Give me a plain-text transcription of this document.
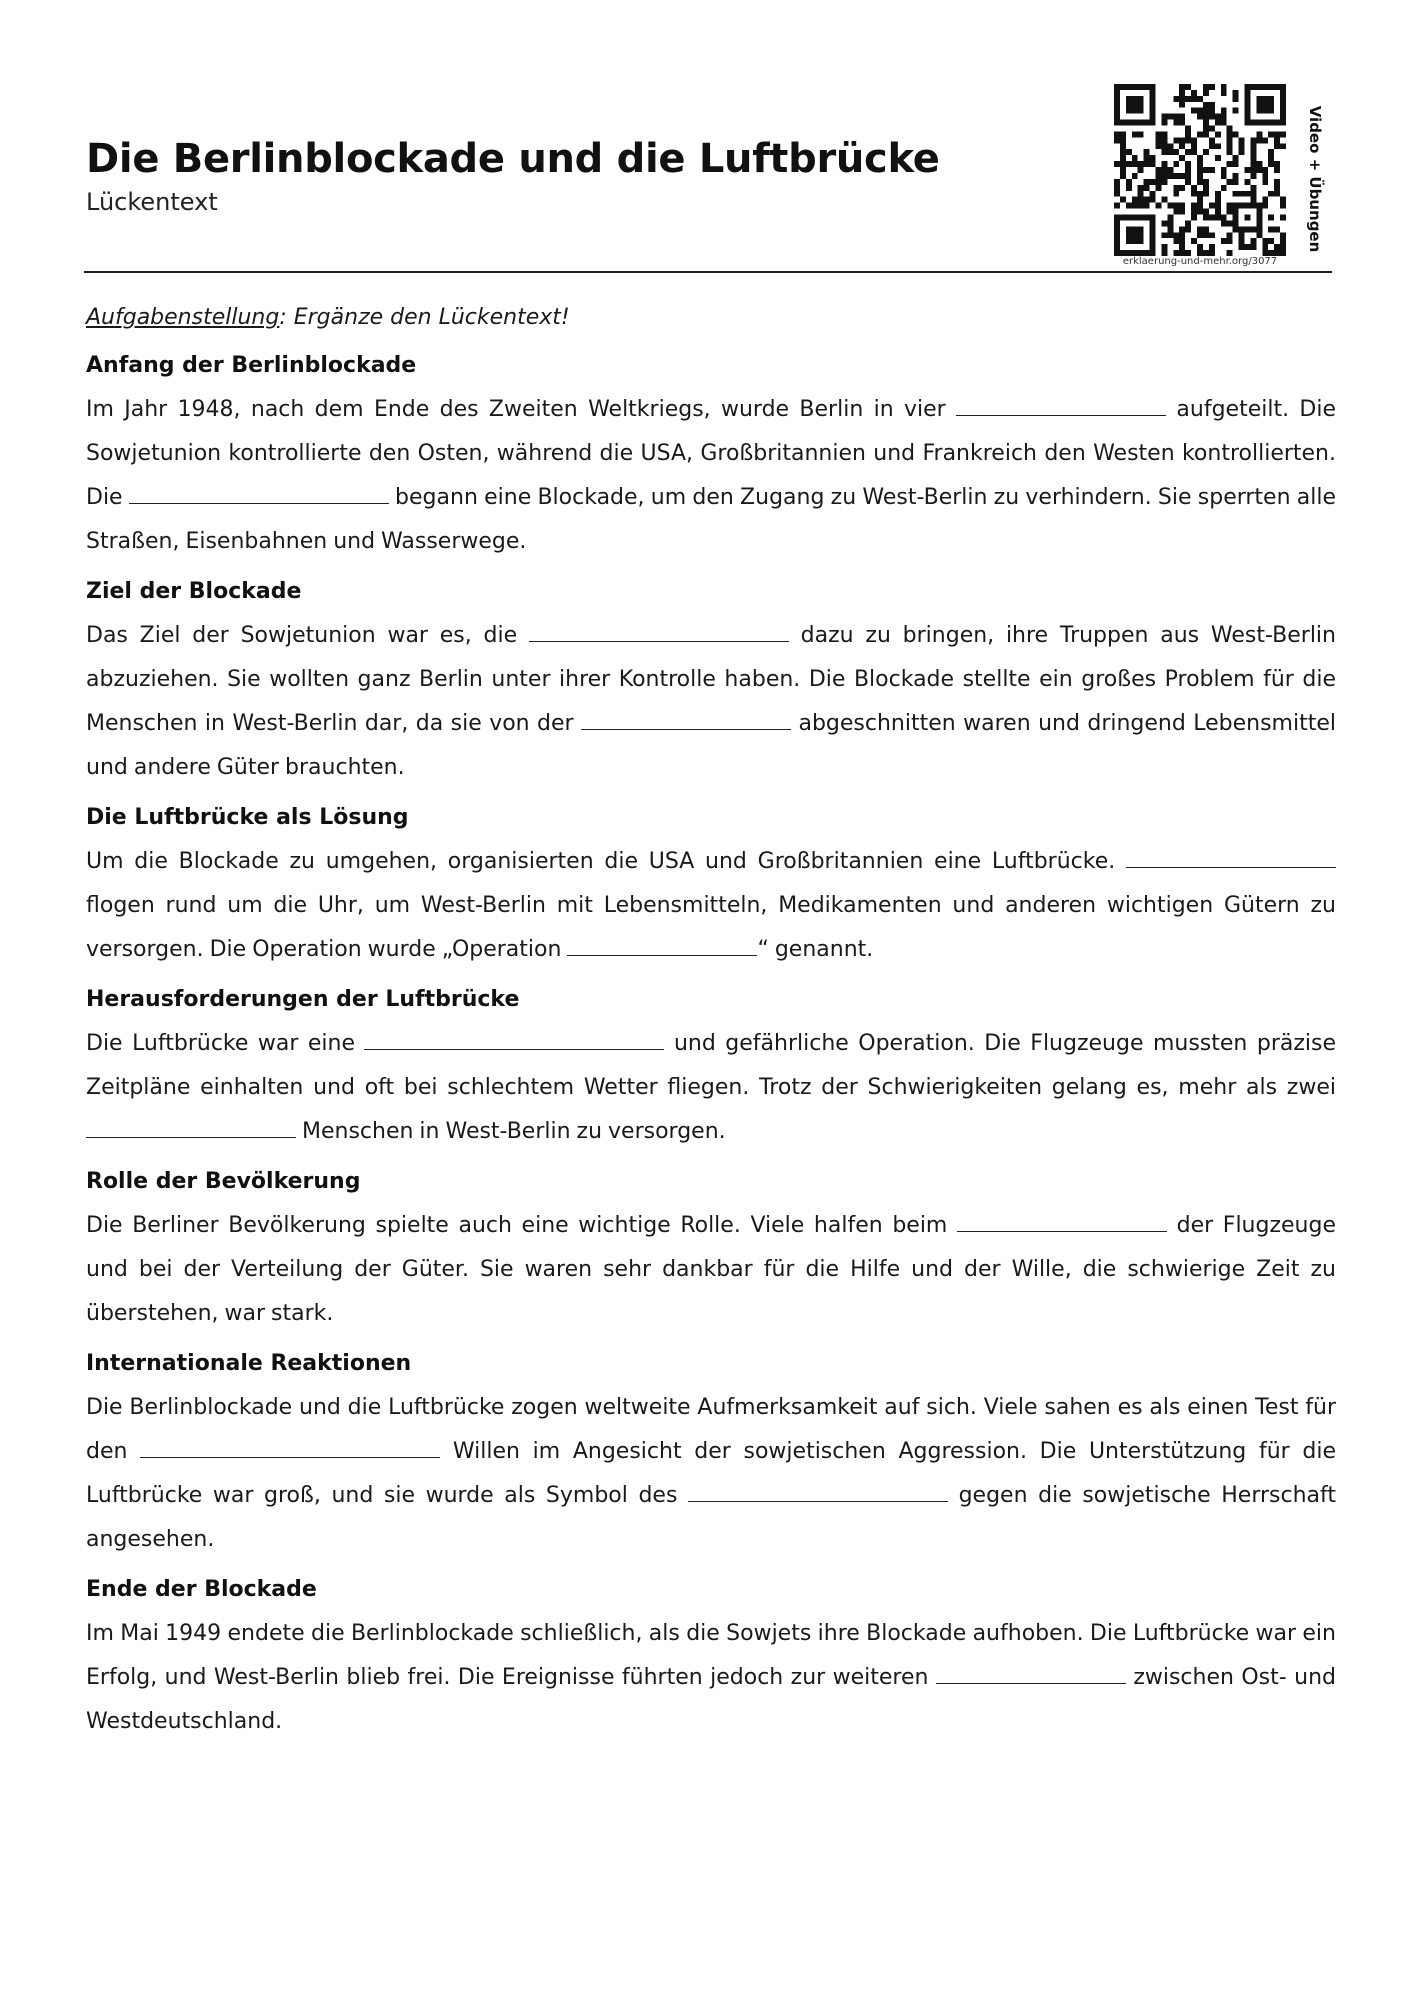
Die Berlinblockade und die Luftbrücke
Lückentext
erklaerung-und-mehr.org/3077
Video + Übungen
Aufgabenstellung: Ergänze den Lückentext!
Anfang der Berlinblockade

Im Jahr 1948, nach dem Ende des Zweiten Weltkriegs, wurde Berlin in vier	aufgeteilt. Die Sowjetunion kontrollierte den Osten, während die USA, Großbritannien und Frankreich den Westen kontrollierten. Die	begann eine Blockade, um den Zugang zu West-Berlin zu verhindern. Sie sperrten alle Straßen, Eisenbahnen und Wasserwege.

Ziel der Blockade

Das Ziel der Sowjetunion war es, die	dazu zu bringen, ihre Truppen aus West-Berlin abzuziehen. Sie wollten ganz Berlin unter ihrer Kontrolle haben. Die Blockade stellte ein großes Problem für die Menschen in West-Berlin dar, da sie von der	abgeschnitten waren und dringend Lebensmittel und andere Güter brauchten.

Die Luftbrücke als Lösung

Um die Blockade zu umgehen, organisierten die USA und Großbritannien eine Luftbrücke.  flogen rund um die Uhr, um West-Berlin mit Lebensmitteln, Medikamenten und anderen wichtigen Gütern zu versorgen. Die Operation wurde „Operation	“ genannt.

Herausforderungen der Luftbrücke

Die Luftbrücke war eine	und gefährliche Operation. Die Flugzeuge mussten präzise Zeitpläne einhalten und oft bei schlechtem Wetter fliegen. Trotz der Schwierigkeiten gelang es, mehr als zwei  Menschen in West-Berlin zu versorgen.

Rolle der Bevölkerung

Die Berliner Bevölkerung spielte auch eine wichtige Rolle. Viele halfen beim	der Flugzeuge und bei der Verteilung der Güter. Sie waren sehr dankbar für die Hilfe und der Wille, die schwierige Zeit zu überstehen, war stark.

Internationale Reaktionen

Die Berlinblockade und die Luftbrücke zogen weltweite Aufmerksamkeit auf sich. Viele sahen es als einen Test für den	Willen im Angesicht der sowjetischen Aggression. Die Unterstützung für die Luftbrücke war groß, und sie wurde als Symbol des	gegen die sowjetische Herrschaft angesehen.

Ende der Blockade

Im Mai 1949 endete die Berlinblockade schließlich, als die Sowjets ihre Blockade aufhoben. Die Luftbrücke war ein Erfolg, und West-Berlin blieb frei. Die Ereignisse führten jedoch zur weiteren	zwischen Ost- und Westdeutschland.
